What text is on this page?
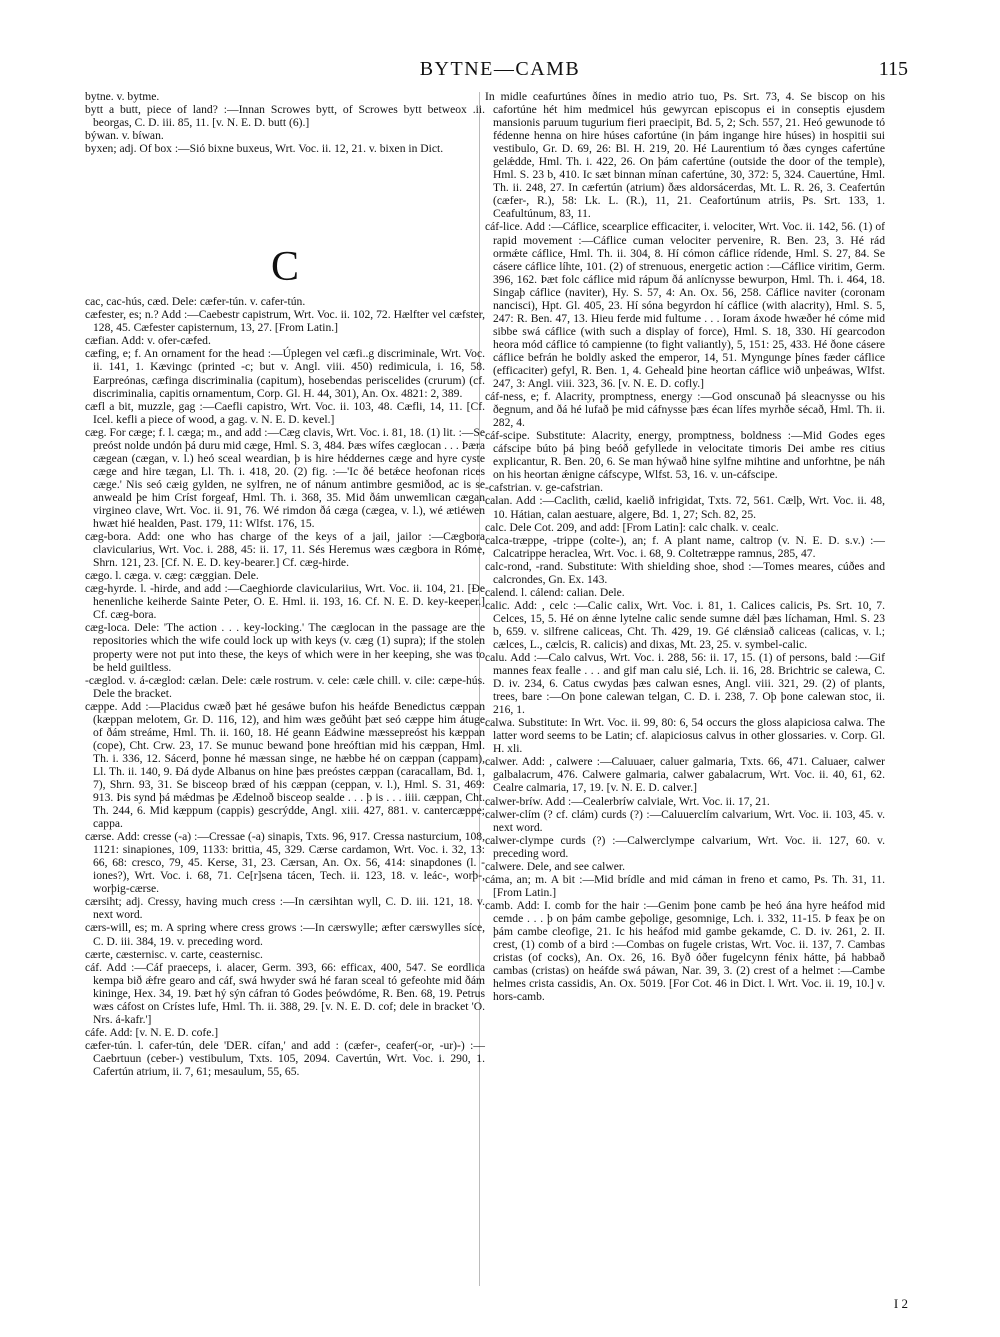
BYTNE—CAMB	115

bytne. v. bytme.

bytt a butt, piece of land? :—Innan Scrowes bytt, of Scrowes bytt betweox .ii. beorgas, C. D. iii. 85, 11. [v. N. E. D. butt (6).]

býwan. v. bíwan.

byxen; adj. Of box :—Sió bixne buxeus, Wrt. Voc. ii. 12, 21. v. bixen in Dict.

C

cac, cac-hús, cæd. Dele: cæfer-tún. v. cafer-tún.

cæfester, es; n.? Add :—Caebestr capistrum, Wrt. Voc. ii. 102, 72. Hælfter vel cæfster, 128, 45. Cæfester capisternum, 13, 27. [From Latin.]

cæfian. Add: v. ofer-cæfed.

cæfing, e; f. An ornament for the head :—Úplegen vel cæfi..g discriminale, Wrt. Voc. ii. 141, 1. Kævingc (printed -c; but v. Angl. viii. 450) redimicula, i. 16, 58. Earpreónas, cæfinga discriminalia (capitum), hosebendas periscelides (crurum) (cf. discriminalia, capitis ornamentum, Corp. Gl. H. 44, 301), An. Ox. 4821: 2, 389.

cæfl a bit, muzzle, gag :—Caefli capistro, Wrt. Voc. ii. 103, 48. Cæfli, 14, 11. [Cf. Icel. kefli a piece of wood, a gag. v. N. E. D. kevel.]

cæg. For cæge; f. l. cæga; m., and add :—Cæg clavis, Wrt. Voc. i. 81, 18. (1) lit. :—Se preóst nolde undón þá duru mid cæge, Hml. S. 3, 484. Þæs wífes cæglocan . . . Þæra cægean (cægan, v. l.) heó sceal weardian, þ is hire héddernes cæge and hyre cyste cæge and hire tægan, Ll. Th. i. 418, 20. (2) fig. :—'Ic ðé betǽce heofonan rices cæge.' Nis seó cæig gylden, ne sylfren, ne of nánum antimbre gesmiðod, ac is se anweald þe him Críst forgeaf, Hml. Th. i. 368, 35. Mid ðám unwemlican cægan virgineo clave, Wrt. Voc. ii. 91, 76. Wé rimdon ðá cæga (cægea, v. l.), wé ætiéwen hwæt hié healden, Past. 179, 11: Wlfst. 176, 15.

cæg-bora. Add: one who has charge of the keys of a jail, jailor :—Cægbora clavicularius, Wrt. Voc. i. 288, 45: ii. 17, 11. Sés Heremus wæs cægbora in Róme, Shrn. 121, 23. [Cf. N. E. D. key-bearer.] Cf. cæg-hirde.

cægo. l. cæga. v. cæg: cæggian. Dele.

cæg-hyrde. l. -hirde, and add :—Caeghiorde claviculariius, Wrt. Voc. ii. 104, 21. [Ðe henenliche keiherde Sainte Peter, O. E. Hml. ii. 193, 16. Cf. N. E. D. key-keeper.] Cf. cæg-bora.

cæg-loca. Dele: 'The action . . . key-locking.' The cæglocan in the passage are the repositories which the wife could lock up with keys (v. cæg (1) supra); if the stolen property were not put into these, the keys of which were in her keeping, she was to be held guiltless.

-cæglod. v. á-cæglod: cælan. Dele: cæle rostrum. v. cele: cæle chill. v. cile: cæpe-hús. Dele the bracket.

cæppe. Add :—Placidus cwæð þæt hé gesáwe bufon his heáfde Benedictus cæppan (kæppan melotem, Gr. D. 116, 12), and him wæs geðúht þæt seó cæppe him átuge of ðám streáme, Hml. Th. ii. 160, 18. Hé geann Eádwine mæssepreóst his kæppan (cope), Cht. Crw. 23, 17. Se munuc bewand þone hreóftian mid his cæppan, Hml. Th. i. 336, 12. Sácerd, þonne hé mæssan singe, ne hæbbe hé on cæppan (cappam), Ll. Th. ii. 140, 9. Ðá dyde Albanus on hine þæs preóstes cæppan (caracallam, Bd. 1, 7), Shrn. 93, 31. Se bisceop bræd of his cæppan (ceppan, v. l.), Hml. S. 31, 469: 913. Þis synd þá mǽdmas þe Ædelnoð bisceop sealde . . . þ is . . . iiii. cæppan, Cht. Th. 244, 6. Mid kæppum (cappis) gescrýdde, Angl. xiii. 427, 881. v. cantercæppe; cappa.

cærse. Add: cresse (-a) :—Cressae (-a) sinapis, Txts. 96, 917. Cressa nasturcium, 108, 1121: sinapiones, 109, 1133: brittia, 45, 329. Cærse cardamon, Wrt. Voc. i. 32, 13: 66, 68: cresco, 79, 45. Kerse, 31, 23. Cærsan, An. Ox. 56, 414: sinapdones (l. -iones?), Wrt. Voc. i. 68, 71. Ce[r]sena tácen, Tech. ii. 123, 18. v. leác-, worþ-, worþig-cærse.

cærsiht; adj. Cressy, having much cress :—In cærsihtan wyll, C. D. iii. 121, 18. v. next word.

cærs-will, es; m. A spring where cress grows :—In cærswylle; æfter cærswylles síce, C. D. iii. 384, 19. v. preceding word.

cærte, cæsternisc. v. carte, ceasternisc.

cáf. Add :—Cáf praeceps, i. alacer, Germ. 393, 66: efficax, 400, 547. Se eordlica kempa bið ǽfre gearo and cáf, swá hwyder swá hé faran sceal tó gefeohte mid ðám kininge, Hex. 34, 19. Þæt hý sýn cáfran tó Godes þeówdóme, R. Ben. 68, 19. Petrus wæs cáfost on Crístes lufe, Hml. Th. ii. 388, 29. [v. N. E. D. cof; dele in bracket 'O. Nrs. á-kafr.']

cáfe. Add: [v. N. E. D. cofe.]

cæfer-tún. l. cafer-tún, dele 'DER. cífan,' and add : (cæfer-, ceafer(-or, -ur)-) :—Caebrtuun (ceber-) vestibulum, Txts. 105, 2094. Cavertún, Wrt. Voc. i. 290, 1. Cafertún atrium, ii. 7, 61; mesaulum, 55, 65.

In midle ceafurtúnes ðínes in medio atrio tuo, Ps. Srt. 73, 4. Se biscop on his cafortúne hét him medmicel hús gewyrcan episcopus ei in conseptis ejusdem mansionis paruum tugurium fieri praecipit, Bd. 5, 2; Sch. 557, 21. Heó gewunode tó fédenne henna on hire húses cafortúne (in þám ingange hire húses) in hospitii sui vestibulo, Gr. D. 69, 26: Bl. H. 219, 20. Hé Laurentium tó ðæs cynges cafertúne gelǽdde, Hml. Th. i. 422, 26. On þám cafertúne (outside the door of the temple), Hml. S. 23 b, 410. Ic sæt binnan mínan cafertúne, 30, 372: 5, 324. Cauertúne, Hml. Th. ii. 248, 27. In cæfertún (atrium) ðæs aldorsácerdas, Mt. L. R. 26, 3. Ceafertún (cæfer-, R.), 58: Lk. L. (R.), 11, 21. Ceafortúnum atriis, Ps. Srt. 133, 1. Ceafultúnum, 83, 11.

cáf-lice. Add :—Cáflice, scearplice efficaciter, i. velociter, Wrt. Voc. ii. 142, 56. (1) of rapid movement :—Cáflice cuman velociter pervenire, R. Ben. 23, 3. Hé rád ormǽte cáflice, Hml. Th. ii. 304, 8. Hí cómon cáflice rídende, Hml. S. 27, 84. Se cásere cáflice líhte, 101. (2) of strenuous, energetic action :—Cáflice viritim, Germ. 396, 162. Þæt folc cáflice mid rápum ðá anlícnysse bewurpon, Hml. Th. i. 464, 18. Singaþ cáflice (naviter), Hy. S. 57, 4: An. Ox. 56, 258. Cáflice naviter (coronam nancisci), Hpt. Gl. 405, 23. Hí sóna begyrdon hí cáflice (with alacrity), Hml. S. 5, 247: R. Ben. 47, 13. Hieu ferde mid fultume . . . Ioram áxode hwæðer hé cóme mid sibbe swá cáflice (with such a display of force), Hml. S. 18, 330. Hí gearcodon heora mód cáflice tó campienne (to fight valiantly), 5, 151: 25, 433. Hé ðone cásere cáflice befrán he boldly asked the emperor, 14, 51. Myngunge þínes fæder cáflice (efficaciter) gefyl, R. Ben. 1, 4. Geheald þine heortan cáflice wið unþeáwas, Wlfst. 247, 3: Angl. viii. 323, 36. [v. N. E. D. cofly.]

cáf-ness, e; f. Alacrity, promptness, energy :—God onscunað þá sleacnysse ou his ðegnum, and ðá hé lufað þe mid cáfnysse þæs écan lífes myrhðe sécað, Hml. Th. ii. 282, 4.

cáf-scipe. Substitute: Alacrity, energy, promptness, boldness :—Mid Godes eges cáfscipe búto þá þing beóð gefyllede in velocitate timoris Dei ambe res citius explicantur, R. Ben. 20, 6. Se man hýwað hine sylfne mihtine and unforhtne, þe náh on his heortan ǽnigne cáfscype, Wlfst. 53, 16. v. un-cáfscipe.

-cafstrian. v. ge-cafstrian.

calan. Add :—Caclith, cælid, kaelið infrigidat, Txts. 72, 561. Cælþ, Wrt. Voc. ii. 48, 10. Hátian, calan aestuare, algere, Bd. 1, 27; Sch. 82, 25.

calc. Dele Cot. 209, and add: [From Latin]: calc chalk. v. cealc.

calca-træppe, -trippe (colte-), an; f. A plant name, caltrop (v. N. E. D. s.v.) :—Calcatrippe heraclea, Wrt. Voc. i. 68, 9. Coltetræppe ramnus, 285, 47.

calc-rond, -rand. Substitute: With shielding shoe, shod :—Tomes meares, cúðes and calcrondes, Gn. Ex. 143.

calend. l. cálend: calian. Dele.

calic. Add: , celc :—Calic calix, Wrt. Voc. i. 81, 1. Calices calicis, Ps. Srt. 10, 7. Celces, 15, 5. Hé on ǽnne lytelne calic sende sumne dǽl þæs líchaman, Hml. S. 23 b, 659. v. silfrene caliceas, Cht. Th. 429, 19. Gé clǽnsiað caliceas (calicas, v. l.; cælces, L., cælcis, R. calicis) and dixas, Mt. 23, 25. v. symbel-calic.

calu. Add :—Calo calvus, Wrt. Voc. i. 288, 56: ii. 17, 15. (1) of persons, bald :—Gif mannes feax fealle . . . and gif man calu sié, Lch. ii. 16, 28. Brichtric se calewa, C. D. iv. 234, 6. Catus cwydas þæs calwan esnes, Angl. viii. 321, 29. (2) of plants, trees, bare :—On þone calewan telgan, C. D. i. 238, 7. Oþ þone calewan stoc, ii. 216, 1.

calwa. Substitute: In Wrt. Voc. ii. 99, 80: 6, 54 occurs the gloss alapiciosa calwa. The latter word seems to be Latin; cf. alapiciosus calvus in other glossaries. v. Corp. Gl. H. xli.

calwer. Add: , calwere :—Caluuaer, caluer galmaria, Txts. 66, 471. Caluaer, calwer galbalacrum, 476. Calwere galmaria, calwer gabalacrum, Wrt. Voc. ii. 40, 61, 62. Cealre calmaria, 17, 19. [v. N. E. D. calver.]

calwer-bríw. Add :—Cealerbríw calviale, Wrt. Voc. ii. 17, 21.

calwer-clím (? cf. clám) curds (?) :—Caluuerclím calvarium, Wrt. Voc. ii. 103, 45. v. next word.

calwer-clympe curds (?) :—Calwerclympe calvarium, Wrt. Voc. ii. 127, 60. v. preceding word.

calwere. Dele, and see calwer.

cáma, an; m. A bit :—Mid brídle and mid cáman in freno et camo, Ps. Th. 31, 11. [From Latin.]

camb. Add: I. comb for the hair :—Genim þone camb þe heó ána hyre heáfod mid cemde . . . þ on þám cambe geþolige, gesomnige, Lch. i. 332, 11-15. Þ feax þe on þám cambe cleofige, 21. Ic his heáfod mid gambe gekamde, C. D. iv. 261, 2. II. crest, (1) comb of a bird :—Combas on fugele cristas, Wrt. Voc. ii. 137, 7. Cambas cristas (of cocks), An. Ox. 26, 16. Byð óðer fugelcynn fénix hátte, þá habbað cambas (cristas) on heáfde swá páwan, Nar. 39, 3. (2) crest of a helmet :—Cambe helmes crista cassidis, An. Ox. 5019. [For Cot. 46 in Dict. l. Wrt. Voc. ii. 19, 10.] v. hors-camb.

I 2
